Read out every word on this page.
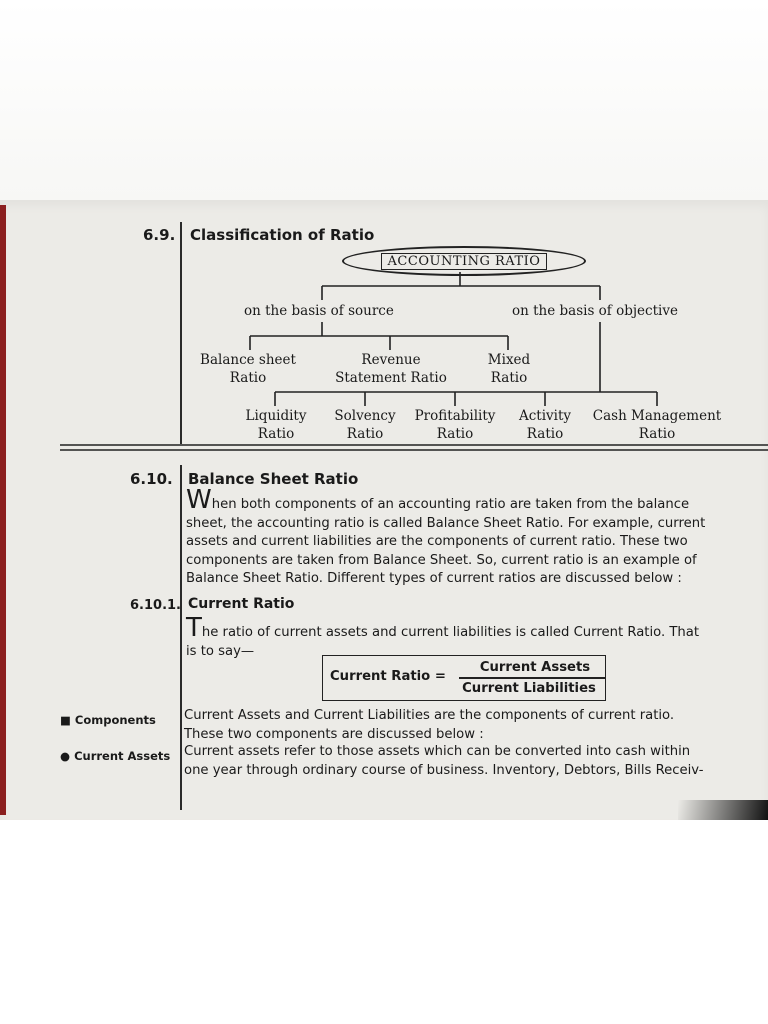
6.9. Classification of Ratio
ACCOUNTING RATIO
on the basis of source	on the basis of objective
Balance sheet
Ratio
Revenue
Statement Ratio
Mixed
Ratio
Liquidity
Ratio
Solvency
Ratio
Profitability
Ratio
Activity
Ratio
Cash Management
Ratio
6.10. Balance Sheet Ratio
When both components of an accounting ratio are taken from the balance
sheet, the accounting ratio is called Balance Sheet Ratio. For example, current
assets and current liabilities are the components of current ratio. These two
components are taken from Balance Sheet. So, current ratio is an example of
Balance Sheet Ratio. Different types of current ratios are discussed below :
6.10.1. Current Ratio
The ratio of current assets and current liabilities is called Current Ratio. That
is to say—
Current Ratio =
Current Assets
Current Liabilities
■ Components Current Assets and Current Liabilities are the components of current ratio.
These two components are discussed below :
● Current Assets Current assets refer to those assets which can be converted into cash within
one year through ordinary course of business. Inventory, Debtors, Bills Receiv-
